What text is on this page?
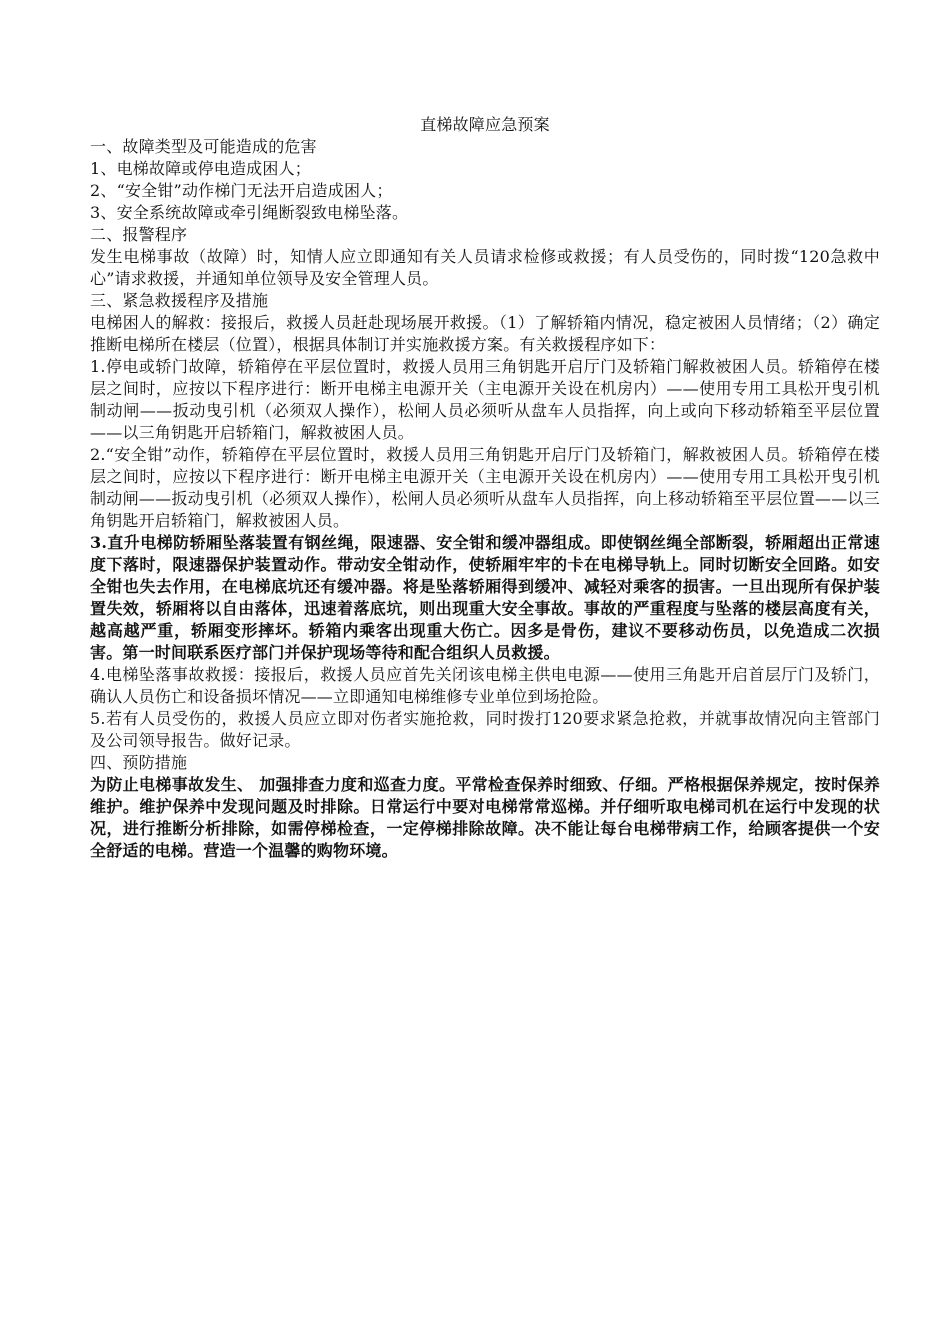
直梯故障应急预案

一、故障类型及可能造成的危害

1、电梯故障或停电造成困人；

2、“安全钳”动作梯门无法开启造成困人；

3、安全系统故障或牵引绳断裂致电梯坠落。

二、报警程序

发生电梯事故（故障）时，知情人应立即通知有关人员请求检修或救援；有人员受伤的，同时拨“120急救中心”请求救援，并通知单位领导及安全管理人员。

三、紧急救援程序及措施

电梯困人的解救：接报后，救援人员赶赴现场展开救援。（1）了解轿箱内情况，稳定被困人员情绪；（2）确定推断电梯所在楼层（位置），根据具体制订并实施救援方案。有关救援程序如下：

1.停电或轿门故障，轿箱停在平层位置时，救援人员用三角钥匙开启厅门及轿箱门解救被困人员。轿箱停在楼层之间时，应按以下程序进行：断开电梯主电源开关（主电源开关设在机房内）——使用专用工具松开曳引机制动闸——扳动曳引机（必须双人操作），松闸人员必须听从盘车人员指挥，向上或向下移动轿箱至平层位置——以三角钥匙开启轿箱门，解救被困人员。

2.“安全钳”动作，轿箱停在平层位置时，救援人员用三角钥匙开启厅门及轿箱门，解救被困人员。轿箱停在楼层之间时，应按以下程序进行：断开电梯主电源开关（主电源开关设在机房内）——使用专用工具松开曳引机制动闸——扳动曳引机（必须双人操作），松闸人员必须听从盘车人员指挥，向上移动轿箱至平层位置——以三角钥匙开启轿箱门，解救被困人员。

3.直升电梯防轿厢坠落装置有钢丝绳，限速器、安全钳和缓冲器组成。即使钢丝绳全部断裂，轿厢超出正常速度下落时，限速器保护装置动作。带动安全钳动作，使轿厢牢牢的卡在电梯导轨上。同时切断安全回路。如安全钳也失去作用，在电梯底坑还有缓冲器。将是坠落轿厢得到缓冲、减轻对乘客的损害。一旦出现所有保护装置失效，轿厢将以自由落体，迅速着落底坑，则出现重大安全事故。事故的严重程度与坠落的楼层高度有关，越高越严重，轿厢变形摔坏。轿箱内乘客出现重大伤亡。因多是骨伤，建议不要移动伤员，以免造成二次损害。第一时间联系医疗部门并保护现场等待和配合组织人员救援。

4.电梯坠落事故救援：接报后，救援人员应首先关闭该电梯主供电电源——使用三角匙开启首层厅门及轿门，确认人员伤亡和设备损坏情况——立即通知电梯维修专业单位到场抢险。

5.若有人员受伤的，救援人员应立即对伤者实施抢救，同时拨打120要求紧急抢救，并就事故情况向主管部门及公司领导报告。做好记录。

四、预防措施

为防止电梯事故发生、 加强排查力度和巡查力度。平常检查保养时细致、仔细。严格根据保养规定，按时保养维护。维护保养中发现问题及时排除。日常运行中要对电梯常常巡梯。并仔细听取电梯司机在运行中发现的状况，进行推断分析排除，如需停梯检查，一定停梯排除故障。决不能让每台电梯带病工作，给顾客提供一个安全舒适的电梯。营造一个温馨的购物环境。
